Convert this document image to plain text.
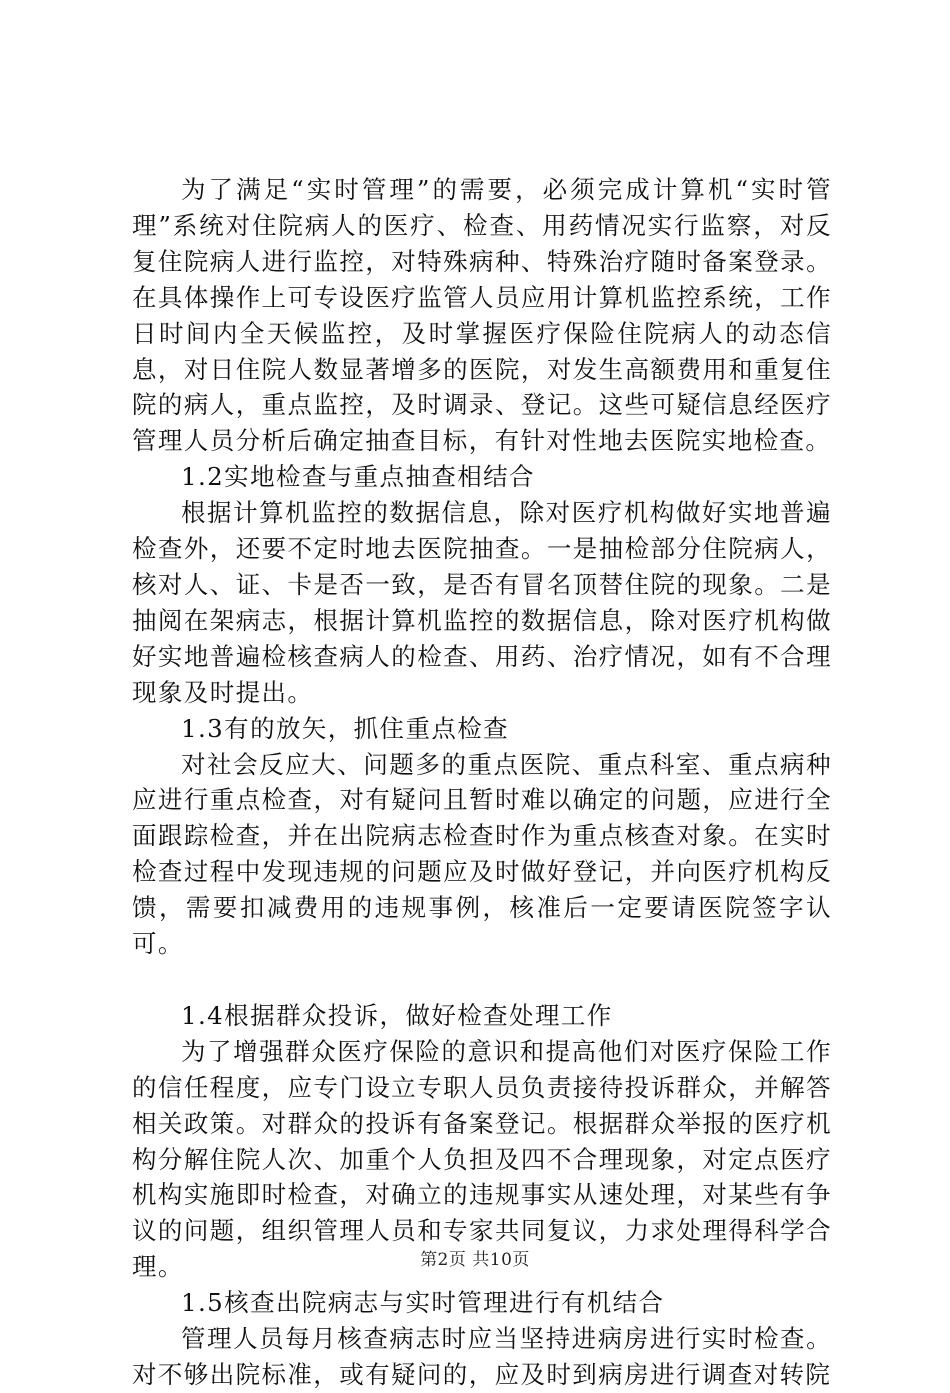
为了满足“实时管理”的需要，必须完成计算机“实时管理”系统对住院病人的医疗、检查、用药情况实行监察，对反复住院病人进行监控，对特殊病种、特殊治疗随时备案登录。在具体操作上可专设医疗监管人员应用计算机监控系统，工作日时间内全天候监控，及时掌握医疗保险住院病人的动态信息，对日住院人数显著增多的医院，对发生高额费用和重复住院的病人，重点监控，及时调录、登记。这些可疑信息经医疗管理人员分析后确定抽查目标，有针对性地去医院实地检查。

1.2实地检查与重点抽查相结合

根据计算机监控的数据信息，除对医疗机构做好实地普遍检查外，还要不定时地去医院抽查。一是抽检部分住院病人，核对人、证、卡是否一致，是否有冒名顶替住院的现象。二是抽阅在架病志，根据计算机监控的数据信息，除对医疗机构做好实地普遍检核查病人的检查、用药、治疗情况，如有不合理现象及时提出。

1.3有的放矢，抓住重点检查

对社会反应大、问题多的重点医院、重点科室、重点病种应进行重点检查，对有疑问且暂时难以确定的问题，应进行全面跟踪检查，并在出院病志检查时作为重点核查对象。在实时检查过程中发现违规的问题应及时做好登记，并向医疗机构反馈，需要扣减费用的违规事例，核准后一定要请医院签字认可。

1.4根据群众投诉，做好检查处理工作

为了增强群众医疗保险的意识和提高他们对医疗保险工作的信任程度，应专门设立专职人员负责接待投诉群众，并解答相关政策。对群众的投诉有备案登记。根据群众举报的医疗机构分解住院人次、加重个人负担及四不合理现象，对定点医疗机构实施即时检查，对确立的违规事实从速处理，对某些有争议的问题，组织管理人员和专家共同复议，力求处理得科学合理。

1.5核查出院病志与实时管理进行有机结合

管理人员每月核查病志时应当坚持进病房进行实时检查。对不够出院标准，或有疑问的，应及时到病房进行调查对转院

第2页 共10页
